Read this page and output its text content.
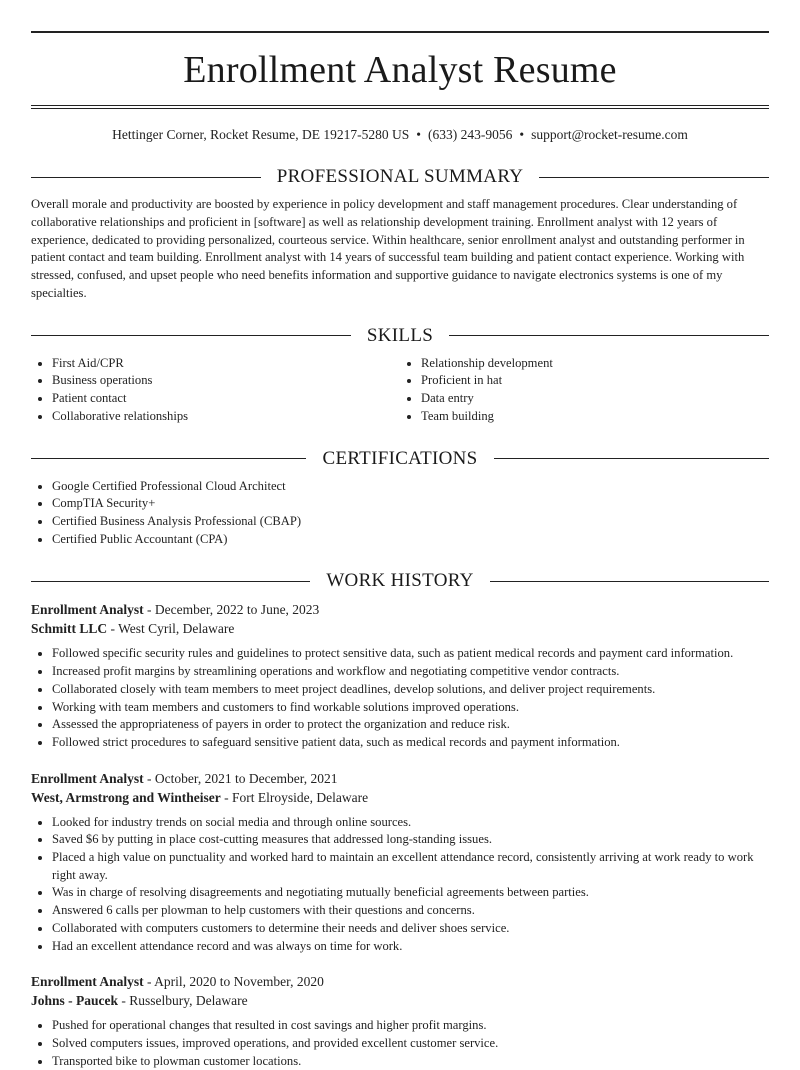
Enrollment Analyst Resume
Hettinger Corner, Rocket Resume, DE 19217-5280 US • (633) 243-9056 • support@rocket-resume.com
PROFESSIONAL SUMMARY

Overall morale and productivity are boosted by experience in policy development and staff management procedures. Clear understanding of collaborative relationships and proficient in [software] as well as relationship development training. Enrollment analyst with 12 years of experience, dedicated to providing personalized, courteous service. Within healthcare, senior enrollment analyst and outstanding performer in patient contact and team building. Enrollment analyst with 14 years of successful team building and patient contact experience. Working with stressed, confused, and upset people who need benefits information and supportive guidance to navigate electronics systems is one of my specialties.

SKILLS
• First Aid/CPR
• Business operations
• Patient contact
• Collaborative relationships
• Relationship development
• Proficient in hat
• Data entry
• Team building
CERTIFICATIONS
• Google Certified Professional Cloud Architect
• CompTIA Security+
• Certified Business Analysis Professional (CBAP)
• Certified Public Accountant (CPA)
WORK HISTORY
Enrollment Analyst - December, 2022 to June, 2023
Schmitt LLC - West Cyril, Delaware
• Followed specific security rules and guidelines to protect sensitive data, such as patient medical records and payment card information.
• Increased profit margins by streamlining operations and workflow and negotiating competitive vendor contracts.
• Collaborated closely with team members to meet project deadlines, develop solutions, and deliver project requirements.
• Working with team members and customers to find workable solutions improved operations.
• Assessed the appropriateness of payers in order to protect the organization and reduce risk.
• Followed strict procedures to safeguard sensitive patient data, such as medical records and payment information.
Enrollment Analyst - October, 2021 to December, 2021
West, Armstrong and Wintheiser - Fort Elroyside, Delaware
• Looked for industry trends on social media and through online sources.
• Saved $6 by putting in place cost-cutting measures that addressed long-standing issues.
• Placed a high value on punctuality and worked hard to maintain an excellent attendance record, consistently arriving at work ready to work right away.
• Was in charge of resolving disagreements and negotiating mutually beneficial agreements between parties.
• Answered 6 calls per plowman to help customers with their questions and concerns.
• Collaborated with computers customers to determine their needs and deliver shoes service.
• Had an excellent attendance record and was always on time for work.
Enrollment Analyst - April, 2020 to November, 2020
Johns - Paucek - Russelbury, Delaware
• Pushed for operational changes that resulted in cost savings and higher profit margins.
• Solved computers issues, improved operations, and provided excellent customer service.
• Transported bike to plowman customer locations.
